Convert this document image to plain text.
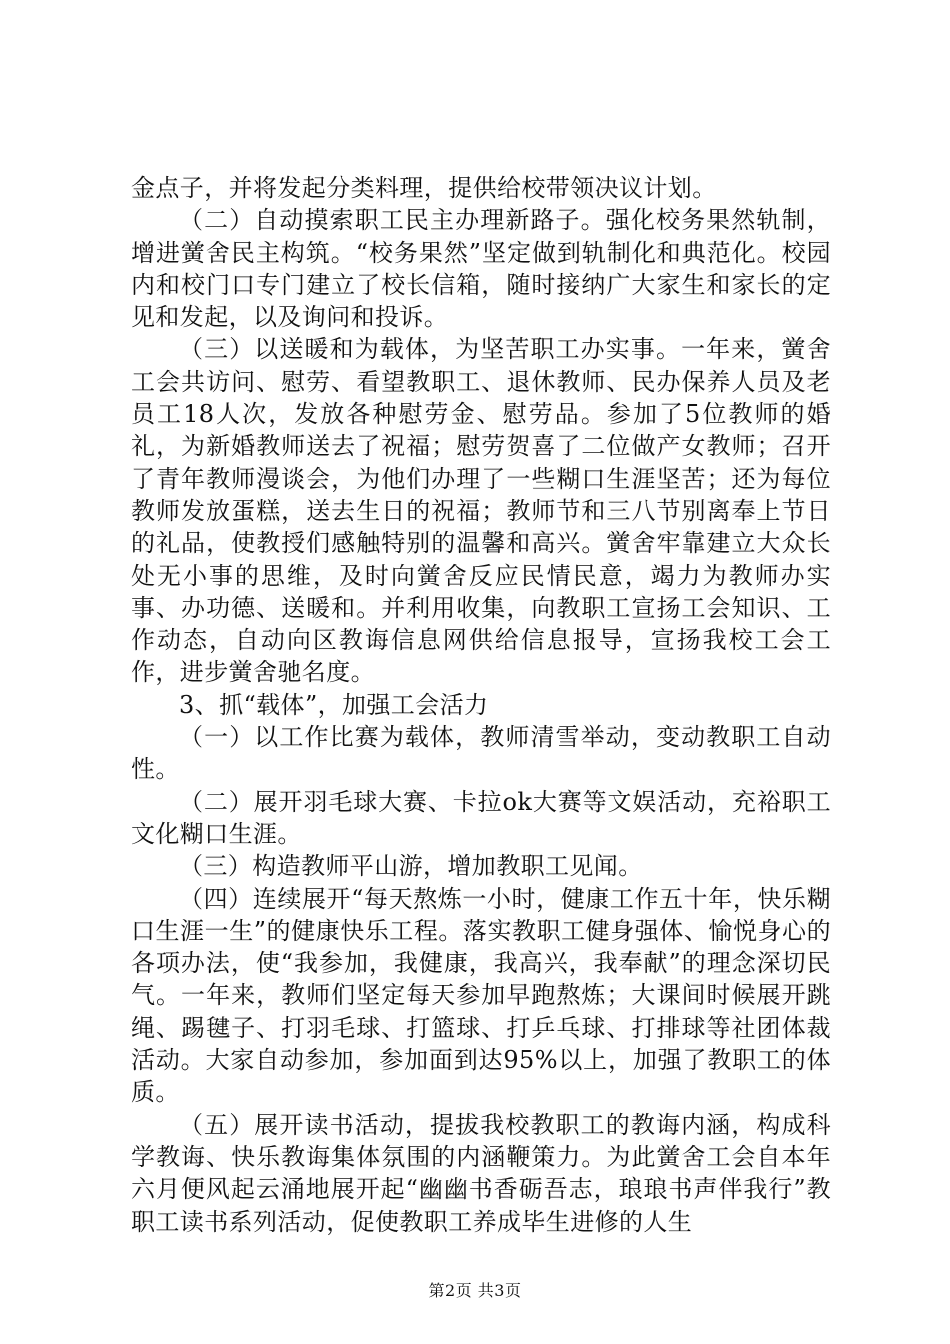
金点子，并将发起分类料理，提供给校带领决议计划。

（二）自动摸索职工民主办理新路子。强化校务果然轨制，增进黉舍民主构筑。“校务果然”坚定做到轨制化和典范化。校园内和校门口专门建立了校长信箱，随时接纳广大家生和家长的定见和发起，以及询问和投诉。

（三）以送暖和为载体，为坚苦职工办实事。一年来，黉舍工会共访问、慰劳、看望教职工、退休教师、民办保养人员及老员工18人次，发放各种慰劳金、慰劳品。参加了5位教师的婚礼，为新婚教师送去了祝福；慰劳贺喜了二位做产女教师；召开了青年教师漫谈会，为他们办理了一些糊口生涯坚苦；还为每位教师发放蛋糕，送去生日的祝福；教师节和三八节别离奉上节日的礼品，使教授们感触特别的温馨和高兴。黉舍牢靠建立大众长处无小事的思维，及时向黉舍反应民情民意，竭力为教师办实事、办功德、送暖和。并利用收集，向教职工宣扬工会知识、工作动态，自动向区教诲信息网供给信息报导，宣扬我校工会工作，进步黉舍驰名度。

3、抓“载体”，加强工会活力

（一）以工作比赛为载体，教师清雪举动，变动教职工自动性。

（二）展开羽毛球大赛、卡拉ok大赛等文娱活动，充裕职工文化糊口生涯。

（三）构造教师平山游，增加教职工见闻。

（四）连续展开“每天熬炼一小时，健康工作五十年，快乐糊口生涯一生”的健康快乐工程。落实教职工健身强体、愉悦身心的各项办法，使“我参加，我健康，我高兴，我奉献”的理念深切民气。一年来，教师们坚定每天参加早跑熬炼；大课间时候展开跳绳、踢毽子、打羽毛球、打篮球、打乒乓球、打排球等社团体裁活动。大家自动参加，参加面到达95%以上，加强了教职工的体质。

（五）展开读书活动，提拔我校教职工的教诲内涵，构成科学教诲、快乐教诲集体氛围的内涵鞭策力。为此黉舍工会自本年六月便风起云涌地展开起“幽幽书香砺吾志，琅琅书声伴我行”教职工读书系列活动，促使教职工养成毕生进修的人生

第2页 共3页
